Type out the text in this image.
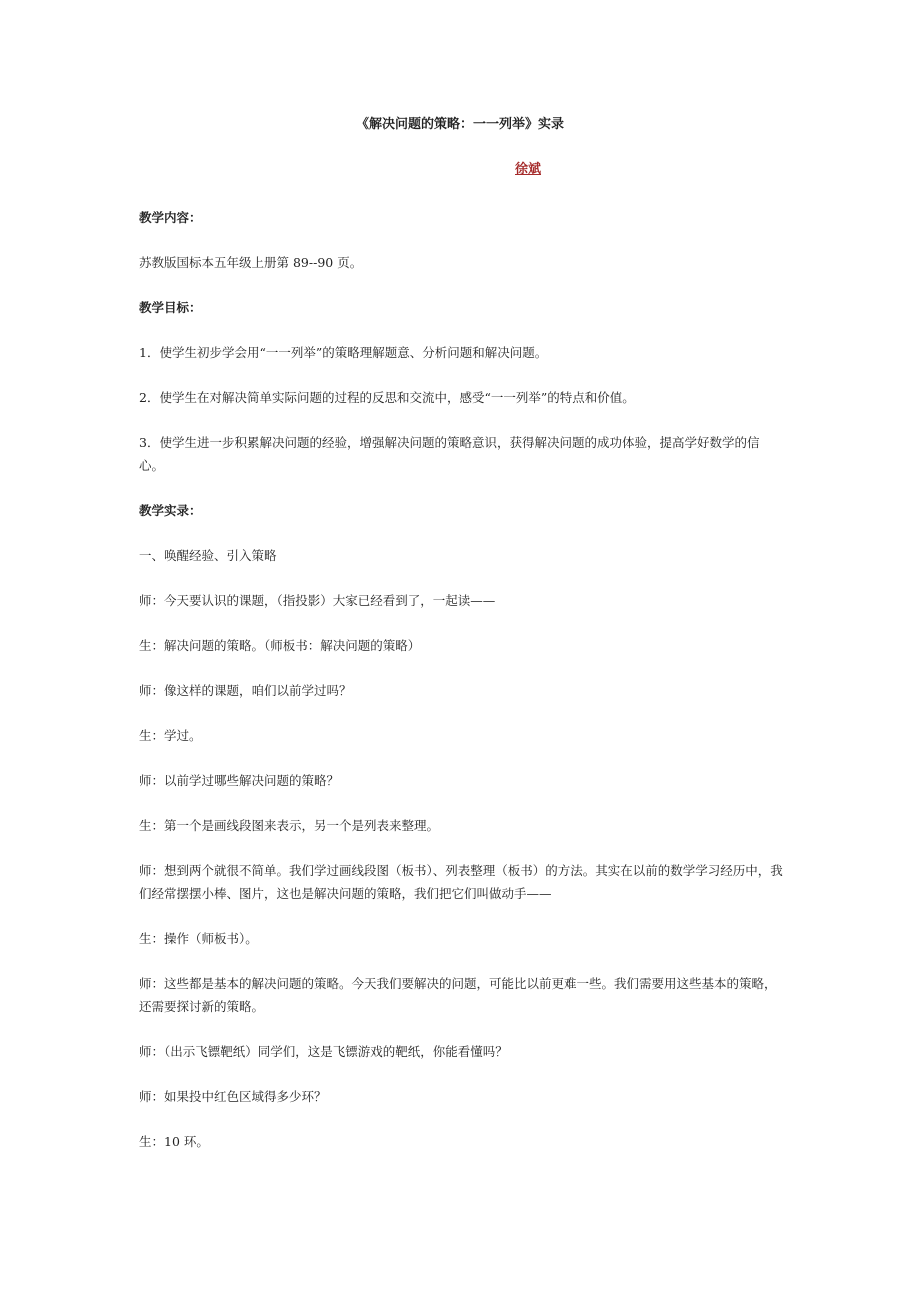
《解决问题的策略：一一列举》实录
徐斌

教学内容：

苏教版国标本五年级上册第 89--90 页。

教学目标：

1．使学生初步学会用“一一列举”的策略理解题意、分析问题和解决问题。

2．使学生在对解决简单实际问题的过程的反思和交流中，感受“一一列举”的特点和价值。

3．使学生进一步积累解决问题的经验，增强解决问题的策略意识，获得解决问题的成功体验，提高学好数学的信心。

教学实录：

一、唤醒经验、引入策略

师：今天要认识的课题，（指投影）大家已经看到了，一起读——

生：解决问题的策略。（师板书：解决问题的策略）

师：像这样的课题，咱们以前学过吗？

生：学过。

师：以前学过哪些解决问题的策略？

生：第一个是画线段图来表示，另一个是列表来整理。

师：想到两个就很不简单。我们学过画线段图（板书）、列表整理（板书）的方法。其实在以前的数学学习经历中，我们经常摆摆小棒、图片，这也是解决问题的策略，我们把它们叫做动手——

生：操作（师板书）。

师：这些都是基本的解决问题的策略。今天我们要解决的问题，可能比以前更难一些。我们需要用这些基本的策略，还需要探讨新的策略。

师：（出示飞镖靶纸）同学们，这是飞镖游戏的靶纸，你能看懂吗？

师：如果投中红色区域得多少环？

生：10 环。
